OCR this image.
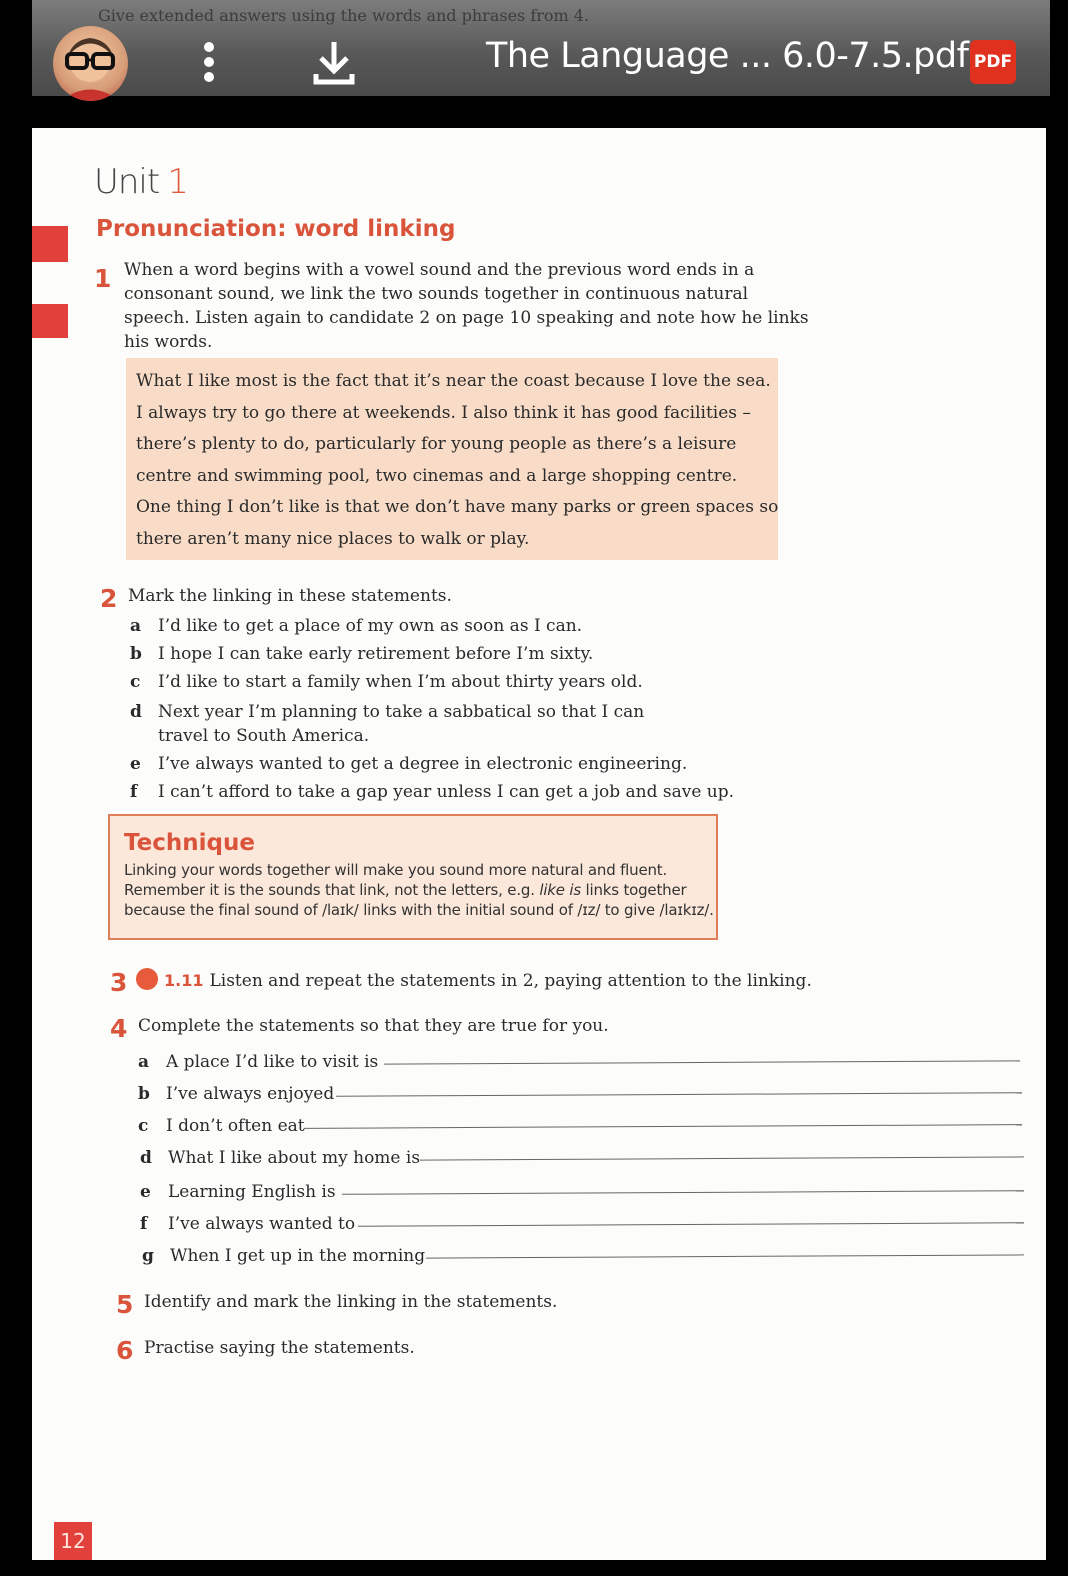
Give extended answers using the words and phrases from 4.
The Language ... 6.0-7.5.pdf PDF
Unit 1
Pronunciation: word linking
1 When a word begins with a vowel sound and the previous word ends in a
consonant sound, we link the two sounds together in continuous natural
speech. Listen again to candidate 2 on page 10 speaking and note how he links
his words.
What I like most is the fact that it’s near the coast because I love the sea.
I always try to go there at weekends. I also think it has good facilities –
there’s plenty to do, particularly for young people as there’s a leisure
centre and swimming pool, two cinemas and a large shopping centre.
One thing I don’t like is that we don’t have many parks or green spaces so
there aren’t many nice places to walk or play.
2 Mark the linking in these statements.
a I’d like to get a place of my own as soon as I can.
b I hope I can take early retirement before I’m sixty.
c I’d like to start a family when I’m about thirty years old.
d Next year I’m planning to take a sabbatical so that I can
travel to South America.
e I’ve always wanted to get a degree in electronic engineering.
f I can’t afford to take a gap year unless I can get a job and save up.
Technique
Linking your words together will make you sound more natural and fluent.
Remember it is the sounds that link, not the letters, e.g. like is links together
because the final sound of /laɪk/ links with the initial sound of /ɪz/ to give /laɪkɪz/.
3	1.11 Listen and repeat the statements in 2, paying attention to the linking.
4 Complete the statements so that they are true for you.
a A place I’d like to visit is
b I’ve always enjoyed
c I don’t often eat
d What I like about my home is
e Learning English is
f I’ve always wanted to
g When I get up in the morning
5 Identify and mark the linking in the statements.
6 Practise saying the statements.
12
